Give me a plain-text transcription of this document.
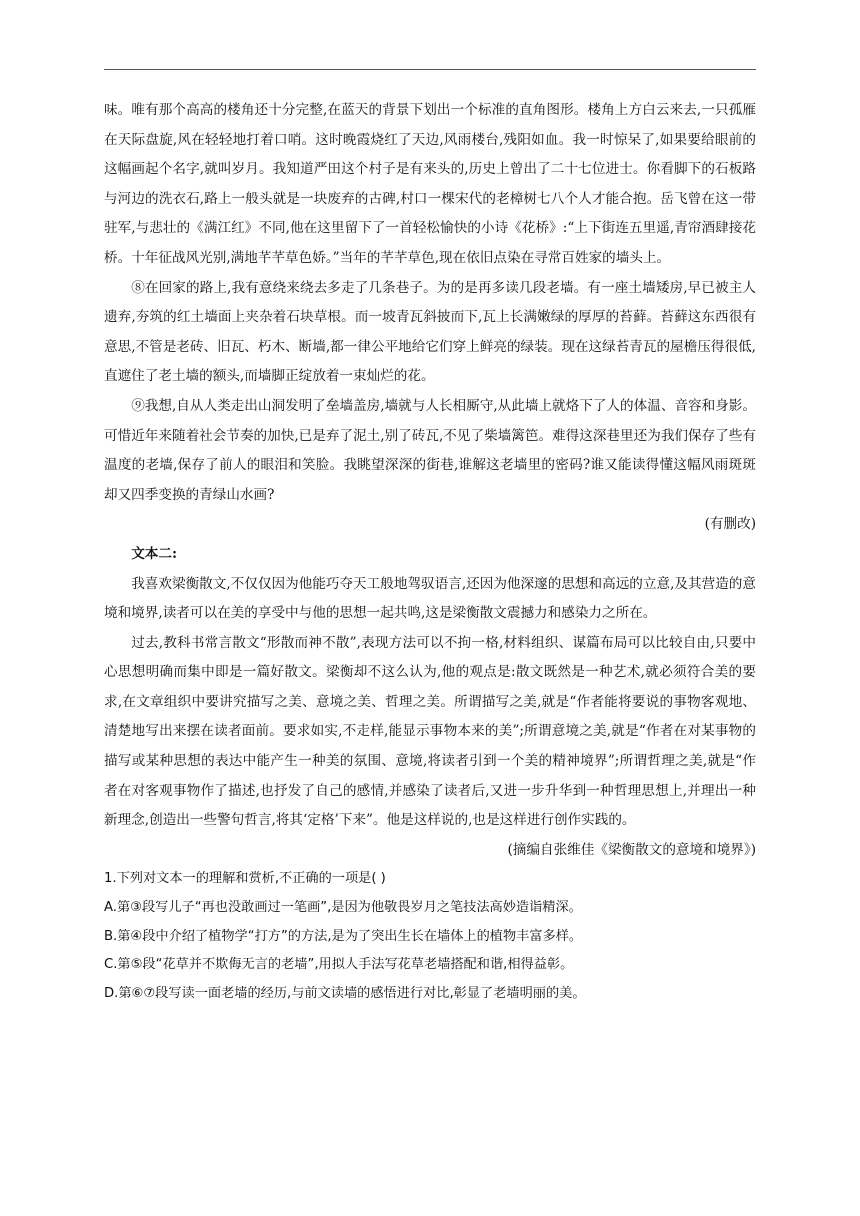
味。唯有那个高高的楼角还十分完整,在蓝天的背景下划出一个标准的直角图形。楼角上方白云来去,一只孤雁在天际盘旋,风在轻轻地打着口哨。这时晚霞烧红了天边,风雨楼台,残阳如血。我一时惊呆了,如果要给眼前的这幅画起个名字,就叫岁月。我知道严田这个村子是有来头的,历史上曾出了二十七位进士。你看脚下的石板路与河边的洗衣石,路上一般头就是一块废弃的古碑,村口一棵宋代的老樟树七八个人才能合抱。岳飞曾在这一带驻军,与悲壮的《满江红》不同,他在这里留下了一首轻松愉快的小诗《花桥》:“上下街连五里遥,青帘酒肆接花桥。十年征战风光别,满地芊芊草色娇。”当年的芊芊草色,现在依旧点染在寻常百姓家的墙头上。

⑧在回家的路上,我有意绕来绕去多走了几条巷子。为的是再多读几段老墙。有一座土墙矮房,早已被主人遗弃,夯筑的红土墙面上夹杂着石块草根。而一坡青瓦斜披而下,瓦上长满嫩绿的厚厚的苔藓。苔藓这东西很有意思,不管是老砖、旧瓦、朽木、断墙,都一律公平地给它们穿上鲜亮的绿装。现在这绿苔青瓦的屋檐压得很低,直遮住了老土墙的额头,而墙脚正绽放着一束灿烂的花。

⑨我想,自从人类走出山洞发明了垒墙盖房,墙就与人长相厮守,从此墙上就烙下了人的体温、音容和身影。可惜近年来随着社会节奏的加快,已是弃了泥土,别了砖瓦,不见了柴墙篱笆。难得这深巷里还为我们保存了些有温度的老墙,保存了前人的眼泪和笑脸。我眺望深深的街巷,谁解这老墙里的密码?谁又能读得懂这幅风雨斑斑却又四季变换的青绿山水画?

(有删改)

文本二:

我喜欢梁衡散文,不仅仅因为他能巧夺天工般地驾驭语言,还因为他深邃的思想和高远的立意,及其营造的意境和境界,读者可以在美的享受中与他的思想一起共鸣,这是梁衡散文震撼力和感染力之所在。

过去,教科书常言散文“形散而神不散”,表现方法可以不拘一格,材料组织、谋篇布局可以比较自由,只要中心思想明确而集中即是一篇好散文。梁衡却不这么认为,他的观点是:散文既然是一种艺术,就必须符合美的要求,在文章组织中要讲究描写之美、意境之美、哲理之美。所谓描写之美,就是“作者能将要说的事物客观地、清楚地写出来摆在读者面前。要求如实,不走样,能显示事物本来的美”;所谓意境之美,就是“作者在对某事物的描写或某种思想的表达中能产生一种美的氛围、意境,将读者引到一个美的精神境界”;所谓哲理之美,就是“作者在对客观事物作了描述,也抒发了自己的感情,并感染了读者后,又进一步升华到一种哲理思想上,并理出一种新理念,创造出一些警句哲言,将其‘定格’下来”。他是这样说的,也是这样进行创作实践的。

(摘编自张维佳《梁衡散文的意境和境界》)

1.下列对文本一的理解和赏析,不正确的一项是( )

A.第③段写儿子“再也没敢画过一笔画”,是因为他敬畏岁月之笔技法高妙造诣精深。

B.第④段中介绍了植物学“打方”的方法,是为了突出生长在墙体上的植物丰富多样。

C.第⑤段“花草并不欺侮无言的老墙”,用拟人手法写花草老墙搭配和谐,相得益彰。

D.第⑥⑦段写读一面老墙的经历,与前文读墙的感悟进行对比,彰显了老墙明丽的美。
